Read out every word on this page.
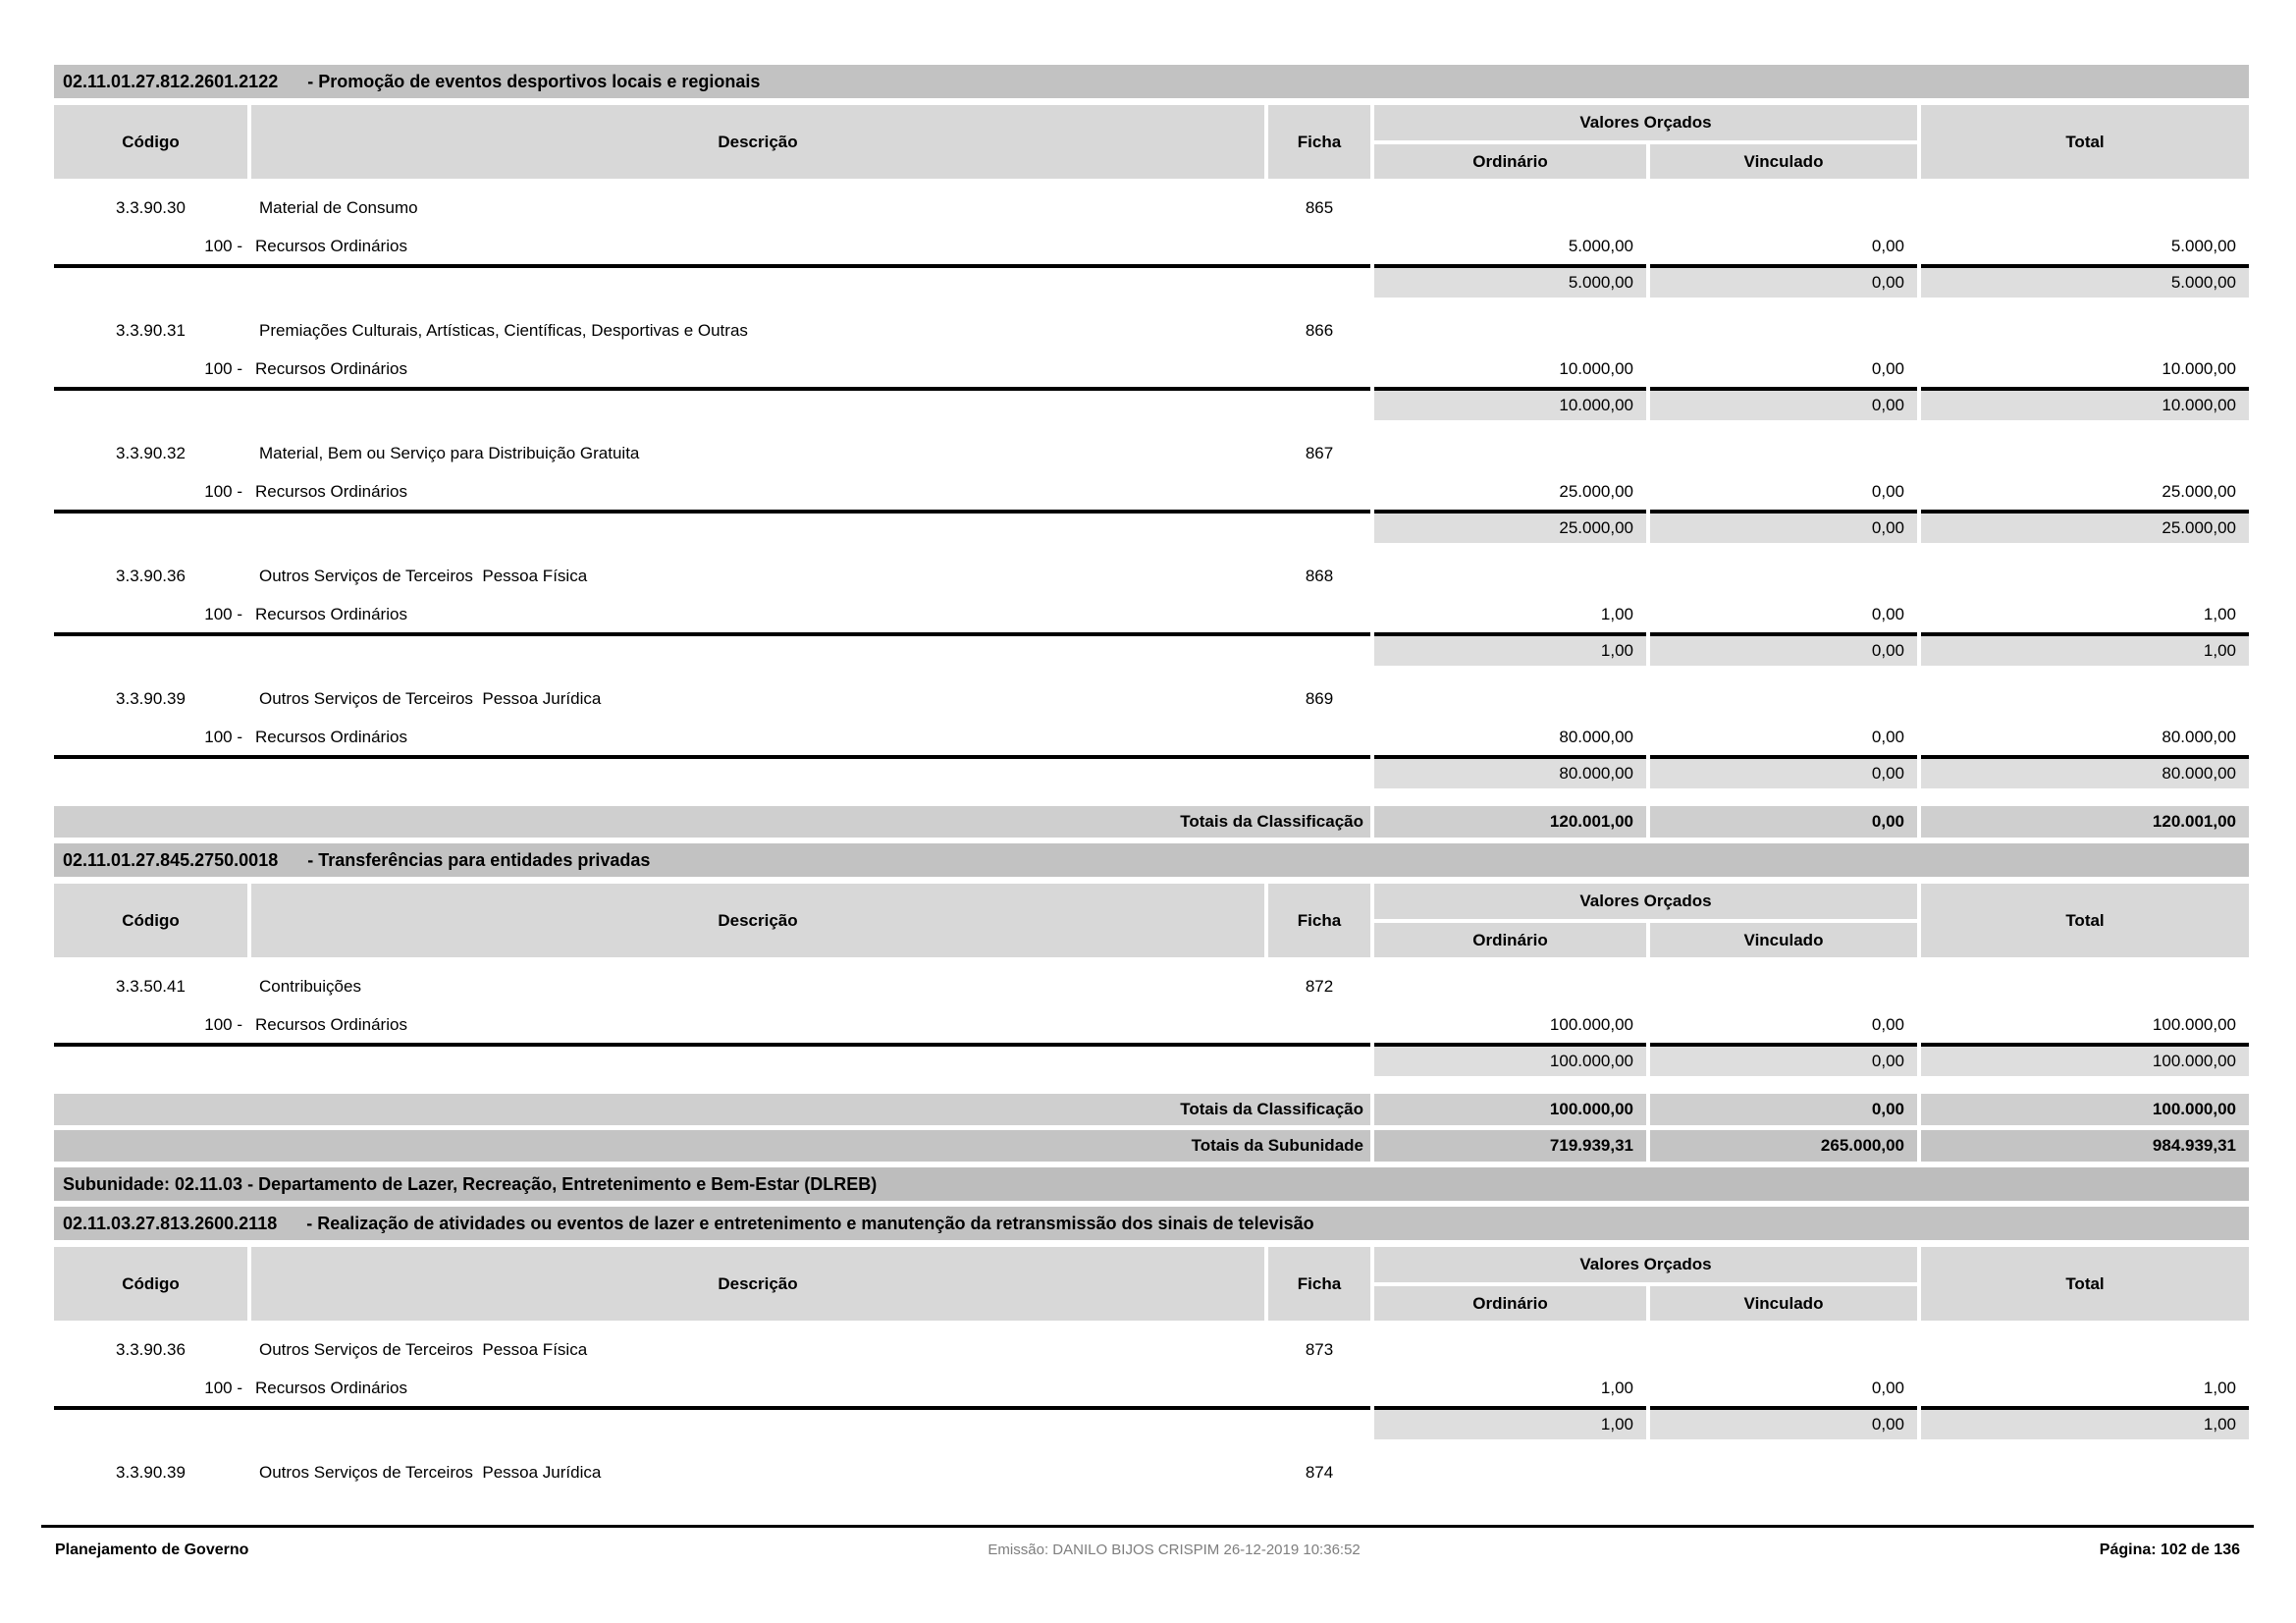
02.11.01.27.812.2601.2122 - Promoção de eventos desportivos locais e regionais
Código	Descrição	Ficha
Valores Orçados
Ordinário	Vinculado
Total
3.3.90.30	Material de Consumo	865
100 - Recursos Ordinários	5.000,00	0,00	5.000,00
5.000,00	0,00	5.000,00
3.3.90.31	Premiações Culturais, Artísticas, Científicas, Desportivas e Outras	866
100 - Recursos Ordinários	10.000,00	0,00	10.000,00
10.000,00	0,00	10.000,00
3.3.90.32	Material, Bem ou Serviço para Distribuição Gratuita	867
100 - Recursos Ordinários	25.000,00	0,00	25.000,00
25.000,00	0,00	25.000,00
3.3.90.36	Outros Serviços de Terceiros  Pessoa Física	868
100 - Recursos Ordinários	1,00	0,00	1,00
1,00	0,00	1,00
3.3.90.39	Outros Serviços de Terceiros  Pessoa Jurídica	869
100 - Recursos Ordinários	80.000,00	0,00	80.000,00
80.000,00	0,00	80.000,00
Totais da Classificação	120.001,00	0,00	120.001,00
02.11.01.27.845.2750.0018 - Transferências para entidades privadas
Código	Descrição	Ficha
Valores Orçados
Ordinário	Vinculado
Total
3.3.50.41	Contribuições	872
100 - Recursos Ordinários	100.000,00	0,00	100.000,00
100.000,00	0,00	100.000,00
Totais da Classificação	100.000,00	0,00	100.000,00
Totais da Subunidade	719.939,31	265.000,00	984.939,31
Subunidade: 02.11.03 - Departamento de Lazer, Recreação, Entretenimento e Bem-Estar (DLREB)
02.11.03.27.813.2600.2118 - Realização de atividades ou eventos de lazer e entretenimento e manutenção da retransmissão dos sinais de televisão
Código	Descrição	Ficha
Valores Orçados
Ordinário	Vinculado
Total
3.3.90.36	Outros Serviços de Terceiros  Pessoa Física	873
100 - Recursos Ordinários	1,00	0,00	1,00
1,00	0,00	1,00
3.3.90.39	Outros Serviços de Terceiros  Pessoa Jurídica	874
Planejamento de Governo	Emissão: DANILO BIJOS CRISPIM 26-12-2019 10:36:52	Página: 102 de 136
